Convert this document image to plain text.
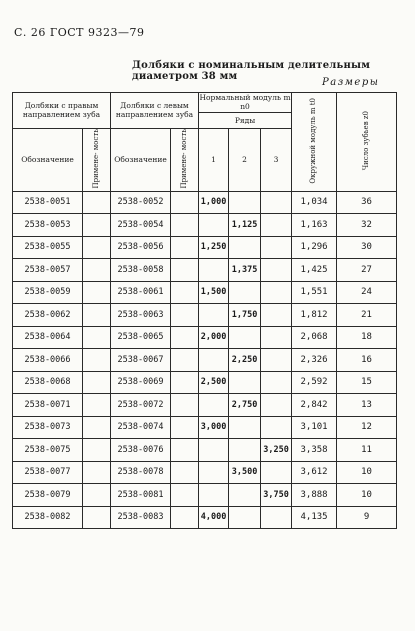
С. 26 ГОСТ 9323—79
Долбяки с номинальным делительным диаметром 38 мм
Размеры
Долбяки с правым направлением зуба		Долбяки с левым направлением зуба		Нормальный модуль m n0			Окружной модуль m t0	Число зубьев z0
				Ряды				
Обозначение	Примене- мость	Обозначение	Примене- мость	1	2	3		
2538-0051		2538-0052		1,000			1,034	36
2538-0053		2538-0054			1,125		1,163	32
2538-0055		2538-0056		1,250			1,296	30
2538-0057		2538-0058			1,375		1,425	27
2538-0059		2538-0061		1,500			1,551	24
2538-0062		2538-0063			1,750		1,812	21
2538-0064		2538-0065		2,000			2,068	18
2538-0066		2538-0067			2,250		2,326	16
2538-0068		2538-0069		2,500			2,592	15
2538-0071		2538-0072			2,750		2,842	13
2538-0073		2538-0074		3,000			3,101	12
2538-0075		2538-0076				3,250	3,358	11
2538-0077		2538-0078			3,500		3,612	10
2538-0079		2538-0081				3,750	3,888	10
2538-0082		2538-0083		4,000			4,135	9
